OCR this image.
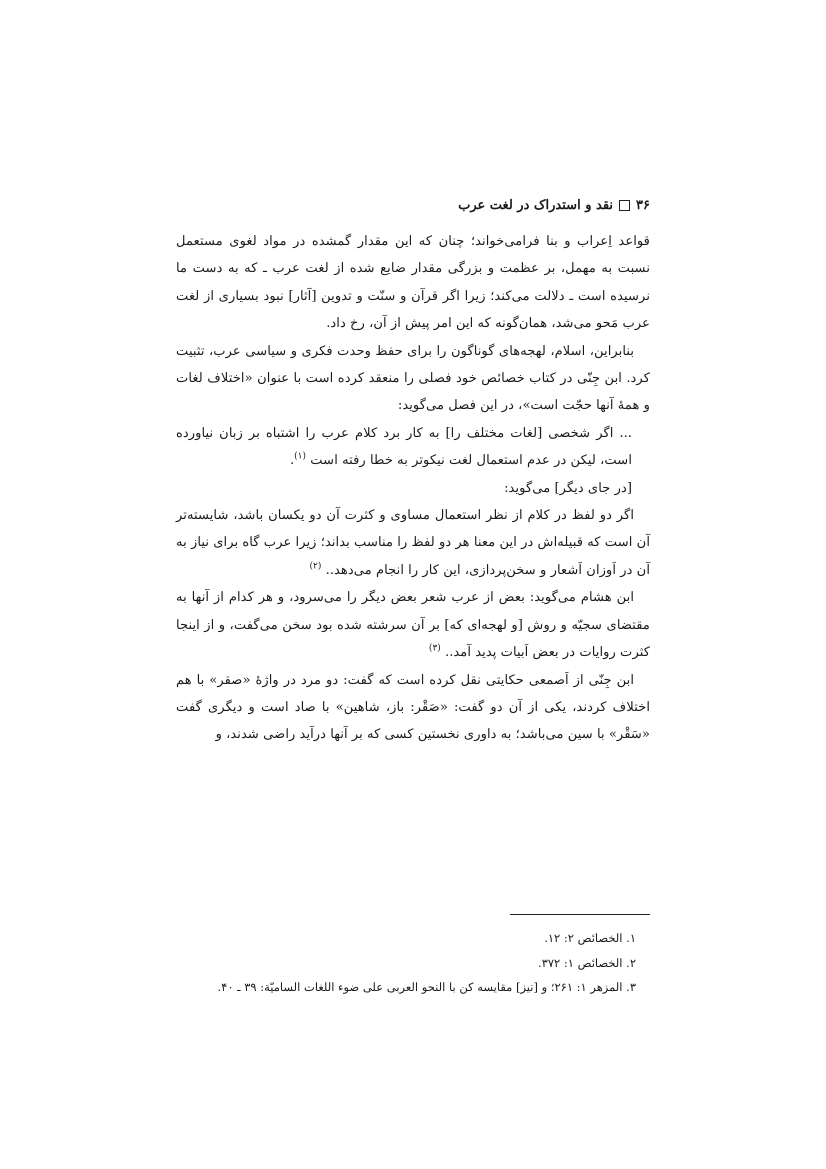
۳۶
نقد و استدراک در لغت عرب

قواعد اِعراب و بنا فرامی‌خواند؛ چنان که این مقدار گمشده در مواد لغوی مستعمل نسبت به مهمل، بر عظمت و بزرگی مقدار ضایع شده از لغت عرب ـ که به دست ما نرسیده است ـ دلالت می‌کند؛ زیرا اگر قرآن و سنّت و تدوین [آثار] نبود بسیاری از لغت عرب مَحو می‌شد، همان‌گونه که این امر پیش از آن، رخ داد.

بنابراین، اسلام، لهجه‌های گوناگون را برای حفظ وحدت فکری و سیاسی عرب، تثبیت کرد. ابن جِنّی در کتاب خصائص خود فصلی را منعقد کرده است با عنوان «اختلاف لغات و همهٔ آنها حجّت است»، در این فصل می‌گوید:

... اگر شخصی [لغات مختلف را] به کار برد کلام عرب را اشتباه بر زبان نیاورده است، لیکن در عدم استعمال لغت نیکوتر به خطا رفته است $^{(۱)}$.

[در جای دیگر] می‌گوید:

اگر دو لفظ در کلام از نظر استعمال مساوی و کثرت آن دو یکسان باشد، شایسته‌تر آن است که قبیله‌اش در این معنا هر دو لفظ را مناسب بداند؛ زیرا عرب گاه برای نیاز به آن در اَوزان اَشعار و سخن‌پردازی، این کار را انجام می‌دهد.. $^{(۲)}$

ابن هشام می‌گوید: بعض از عرب شعر بعض دیگر را می‌سرود، و هر کدام از آنها به مقتضای سجیّه و روش [و لهجه‌ای که] بر آن سرشته شده بود سخن می‌گفت، و از اینجا کثرت روایات در بعض اَبیات پدید آمد.. $^{(۳)}$

ابن جِنّی از اَصمعی حکایتی نقل کرده است که گفت: دو مرد در واژهٔ «صقر» با هم اختلاف کردند، یکی از آن دو گفت: «صَقْر: باز، شاهین» با صاد است و دیگری گفت «سَقْر» با سین می‌باشد؛ به داوری نخستین کسی که بر آنها درآید راضی شدند، و

۱. الخصائص ۲: ۱۲.
۲. الخصائص ۱: ۳۷۲.
۳. المزهر ۱: ۲۶۱؛ و [نیز] مقایسه کن با النحو العربی علی ضوء اللغات السامیّة: ۳۹ ـ ۴۰.
